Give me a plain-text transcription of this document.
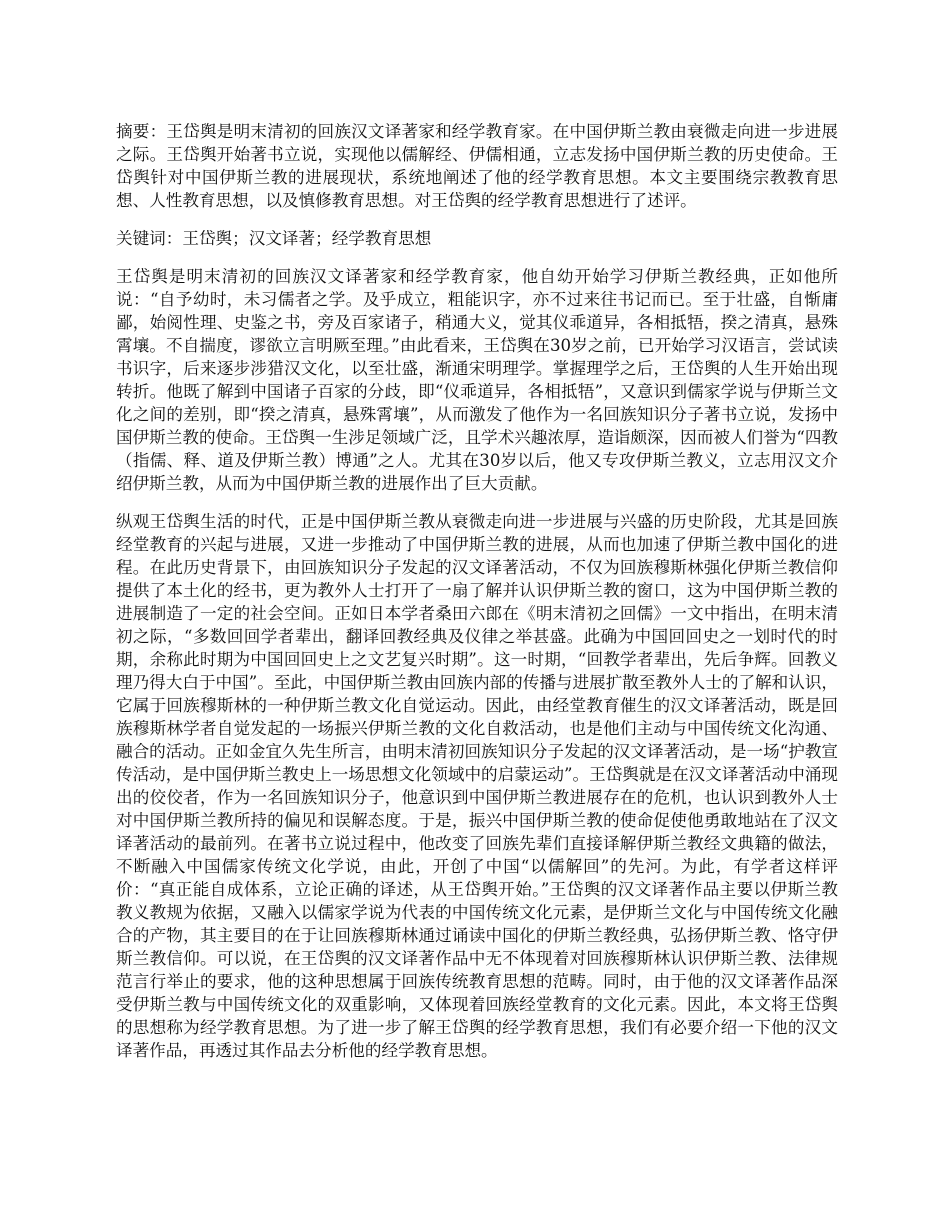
摘要：王岱舆是明末清初的回族汉文译著家和经学教育家。在中国伊斯兰教由衰微走向进一步进展之际。王岱舆开始著书立说，实现他以儒解经、伊儒相通，立志发扬中国伊斯兰教的历史使命。王岱舆针对中国伊斯兰教的进展现状，系统地阐述了他的经学教育思想。本文主要围绕宗教教育思想、人性教育思想，以及慎修教育思想。对王岱舆的经学教育思想进行了述评。

关键词：王岱舆；汉文译著；经学教育思想

王岱舆是明末清初的回族汉文译著家和经学教育家，他自幼开始学习伊斯兰教经典，正如他所说：“自予幼时，未习儒者之学。及乎成立，粗能识字，亦不过来往书记而已。至于壮盛，自惭庸鄙，始阅性理、史鉴之书，旁及百家诸子，稍通大义，觉其仪乖道异，各相抵牾，揆之清真，悬殊霄壤。不自揣度，谬欲立言明厥至理。”由此看来，王岱舆在30岁之前，已开始学习汉语言，尝试读书识字，后来逐步涉猎汉文化，以至壮盛，渐通宋明理学。掌握理学之后，王岱舆的人生开始出现转折。他既了解到中国诸子百家的分歧，即“仪乖道异，各相抵牾”，又意识到儒家学说与伊斯兰文化之间的差别，即“揆之清真，悬殊霄壤”，从而激发了他作为一名回族知识分子著书立说，发扬中国伊斯兰教的使命。王岱舆一生涉足领域广泛，且学术兴趣浓厚，造诣颇深，因而被人们誉为“四教（指儒、释、道及伊斯兰教）博通”之人。尤其在30岁以后，他又专攻伊斯兰教义，立志用汉文介绍伊斯兰教，从而为中国伊斯兰教的进展作出了巨大贡献。

纵观王岱舆生活的时代，正是中国伊斯兰教从衰微走向进一步进展与兴盛的历史阶段，尤其是回族经堂教育的兴起与进展，又进一步推动了中国伊斯兰教的进展，从而也加速了伊斯兰教中国化的进程。在此历史背景下，由回族知识分子发起的汉文译著活动，不仅为回族穆斯林强化伊斯兰教信仰提供了本土化的经书，更为教外人士打开了一扇了解并认识伊斯兰教的窗口，这为中国伊斯兰教的进展制造了一定的社会空间。正如日本学者桑田六郎在《明末清初之回儒》一文中指出，在明末清初之际，“多数回回学者辈出，翻译回教经典及仪律之举甚盛。此确为中国回回史之一划时代的时期，余称此时期为中国回回史上之文艺复兴时期”。这一时期，“回教学者辈出，先后争辉。回教义理乃得大白于中国”。至此，中国伊斯兰教由回族内部的传播与进展扩散至教外人士的了解和认识，它属于回族穆斯林的一种伊斯兰教文化自觉运动。因此，由经堂教育催生的汉文译著活动，既是回族穆斯林学者自觉发起的一场振兴伊斯兰教的文化自救活动，也是他们主动与中国传统文化沟通、融合的活动。正如金宜久先生所言，由明末清初回族知识分子发起的汉文译著活动，是一场“护教宣传活动，是中国伊斯兰教史上一场思想文化领域中的启蒙运动”。王岱舆就是在汉文译著活动中涌现出的佼佼者，作为一名回族知识分子，他意识到中国伊斯兰教进展存在的危机，也认识到教外人士对中国伊斯兰教所持的偏见和误解态度。于是，振兴中国伊斯兰教的使命促使他勇敢地站在了汉文译著活动的最前列。在著书立说过程中，他改变了回族先辈们直接译解伊斯兰教经文典籍的做法，不断融入中国儒家传统文化学说，由此，开创了中国“以儒解回”的先河。为此，有学者这样评价：“真正能自成体系，立论正确的译述，从王岱舆开始。”王岱舆的汉文译著作品主要以伊斯兰教教义教规为依据，又融入以儒家学说为代表的中国传统文化元素，是伊斯兰文化与中国传统文化融合的产物，其主要目的在于让回族穆斯林通过诵读中国化的伊斯兰教经典，弘扬伊斯兰教、恪守伊斯兰教信仰。可以说，在王岱舆的汉文译著作品中无不体现着对回族穆斯林认识伊斯兰教、法律规范言行举止的要求，他的这种思想属于回族传统教育思想的范畴。同时，由于他的汉文译著作品深受伊斯兰教与中国传统文化的双重影响，又体现着回族经堂教育的文化元素。因此，本文将王岱舆的思想称为经学教育思想。为了进一步了解王岱舆的经学教育思想，我们有必要介绍一下他的汉文译著作品，再透过其作品去分析他的经学教育思想。
